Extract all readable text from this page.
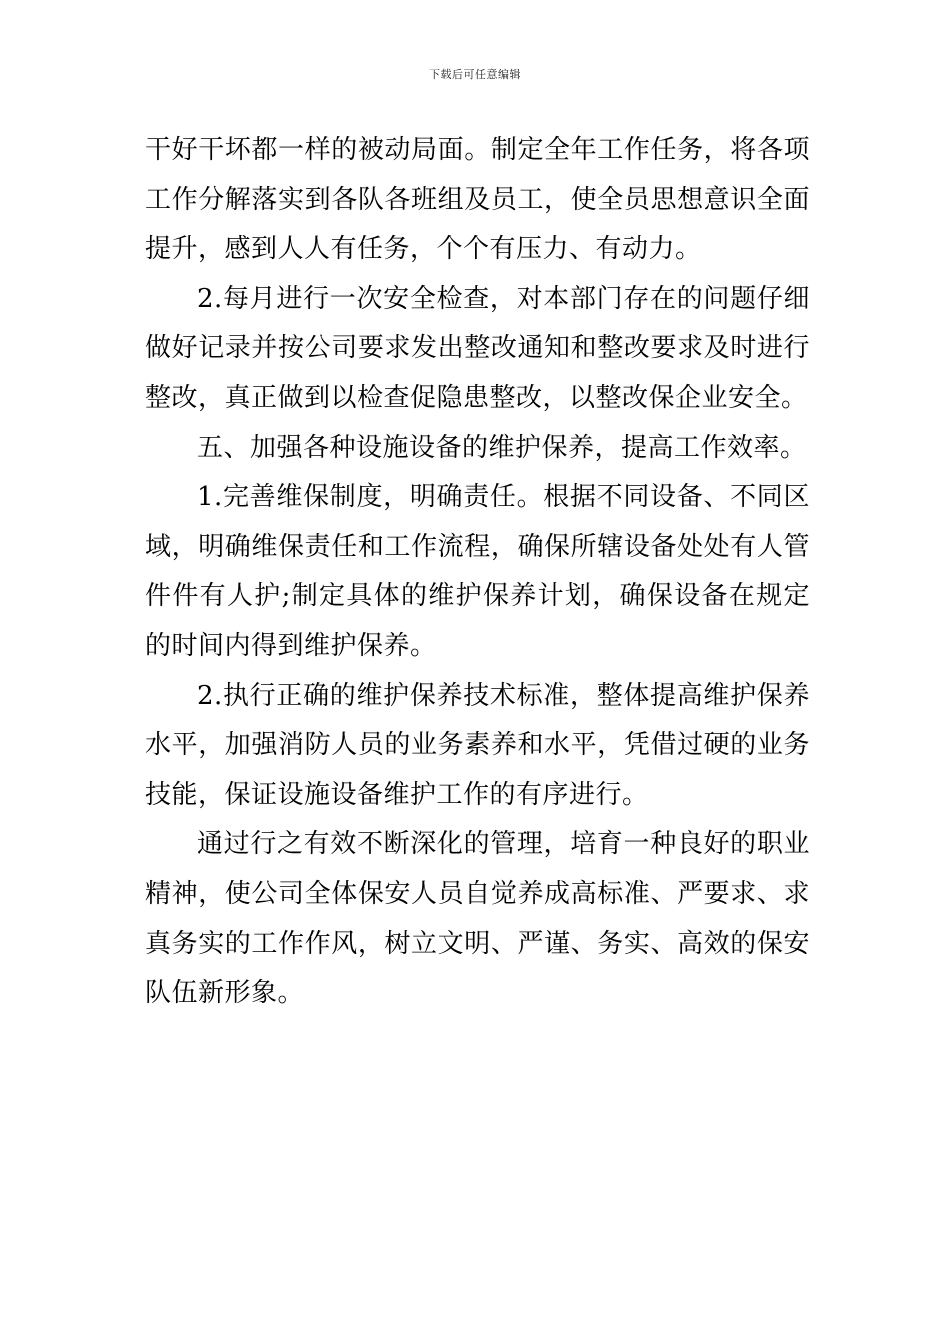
下载后可任意编辑

干好干坏都一样的被动局面。制定全年工作任务，将各项工作分解落实到各队各班组及员工，使全员思想意识全面提升，感到人人有任务，个个有压力、有动力。

2.每月进行一次安全检查，对本部门存在的问题仔细做好记录并按公司要求发出整改通知和整改要求及时进行整改，真正做到以检查促隐患整改，以整改保企业安全。

五、加强各种设施设备的维护保养，提高工作效率。

1.完善维保制度，明确责任。根据不同设备、不同区域，明确维保责任和工作流程，确保所辖设备处处有人管件件有人护;制定具体的维护保养计划，确保设备在规定的时间内得到维护保养。

2.执行正确的维护保养技术标准，整体提高维护保养水平，加强消防人员的业务素养和水平，凭借过硬的业务技能，保证设施设备维护工作的有序进行。

通过行之有效不断深化的管理，培育一种良好的职业精神，使公司全体保安人员自觉养成高标准、严要求、求真务实的工作作风，树立文明、严谨、务实、高效的保安队伍新形象。
